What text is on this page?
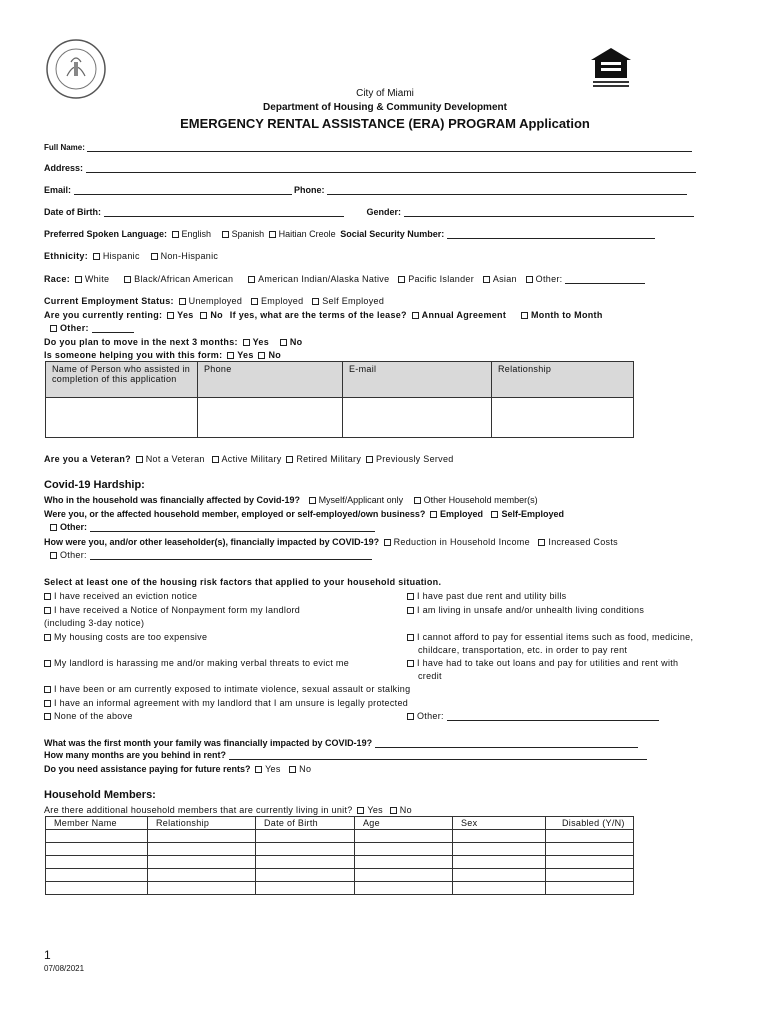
City of Miami
Department of Housing & Community Development
EMERGENCY RENTAL ASSISTANCE (ERA) PROGRAM Application
Full Name:
Address:
Email:	Phone:
Date of Birth:	Gender:
Preferred Spoken Language: English Spanish Haitian Creole Social Security Number:
Ethnicity: Hispanic Non-Hispanic
Race: White	Black/African American	American Indian/Alaska Native Pacific Islander Asian Other:
Current Employment Status: Unemployed Employed Self Employed
Are you currently renting: Yes No If yes, what are the terms of the lease? Annual Agreement	Month to Month
Other:
Do you plan to move in the next 3 months: Yes No
Is someone helping you with this form: Yes No
Name of Person who assisted in completion of this application	Phone	E-mail	Relationship

Are you a Veteran? Not a Veteran Active Military Retired Military Previously Served
Covid-19 Hardship:
Who in the household was financially affected by Covid-19? Myself/Applicant only Other Household member(s)
Were you, or the affected household member, employed or self-employed/own business? Employed Self-Employed
Other:
How were you, and/or other leaseholder(s), financially impacted by COVID-19? Reduction in Household Income Increased Costs
Other:
Select at least one of the housing risk factors that applied to your household situation.
I have received an eviction notice	I have past due rent and utility bills
I have received a Notice of Nonpayment form my landlord	I am living in unsafe and/or unhealth living conditions
(including 3-day notice)
My housing costs are too expensive	I cannot afford to pay for essential items such as food, medicine,
childcare, transportation, etc. in order to pay rent
My landlord is harassing me and/or making verbal threats to evict me	I have had to take out loans and pay for utilities and rent with
credit
I have been or am currently exposed to intimate violence, sexual assault or stalking
I have an informal agreement with my landlord that I am unsure is legally protected
None of the above	Other:
What was the first month your family was financially impacted by COVID-19?
How many months are you behind in rent?
Do you need assistance paying for future rents? Yes No
Household Members:
Are there additional household members that are currently living in unit? Yes No
Member Name	Relationship	Date of Birth	Age	Sex	Disabled (Y/N)

1
07/08/2021
